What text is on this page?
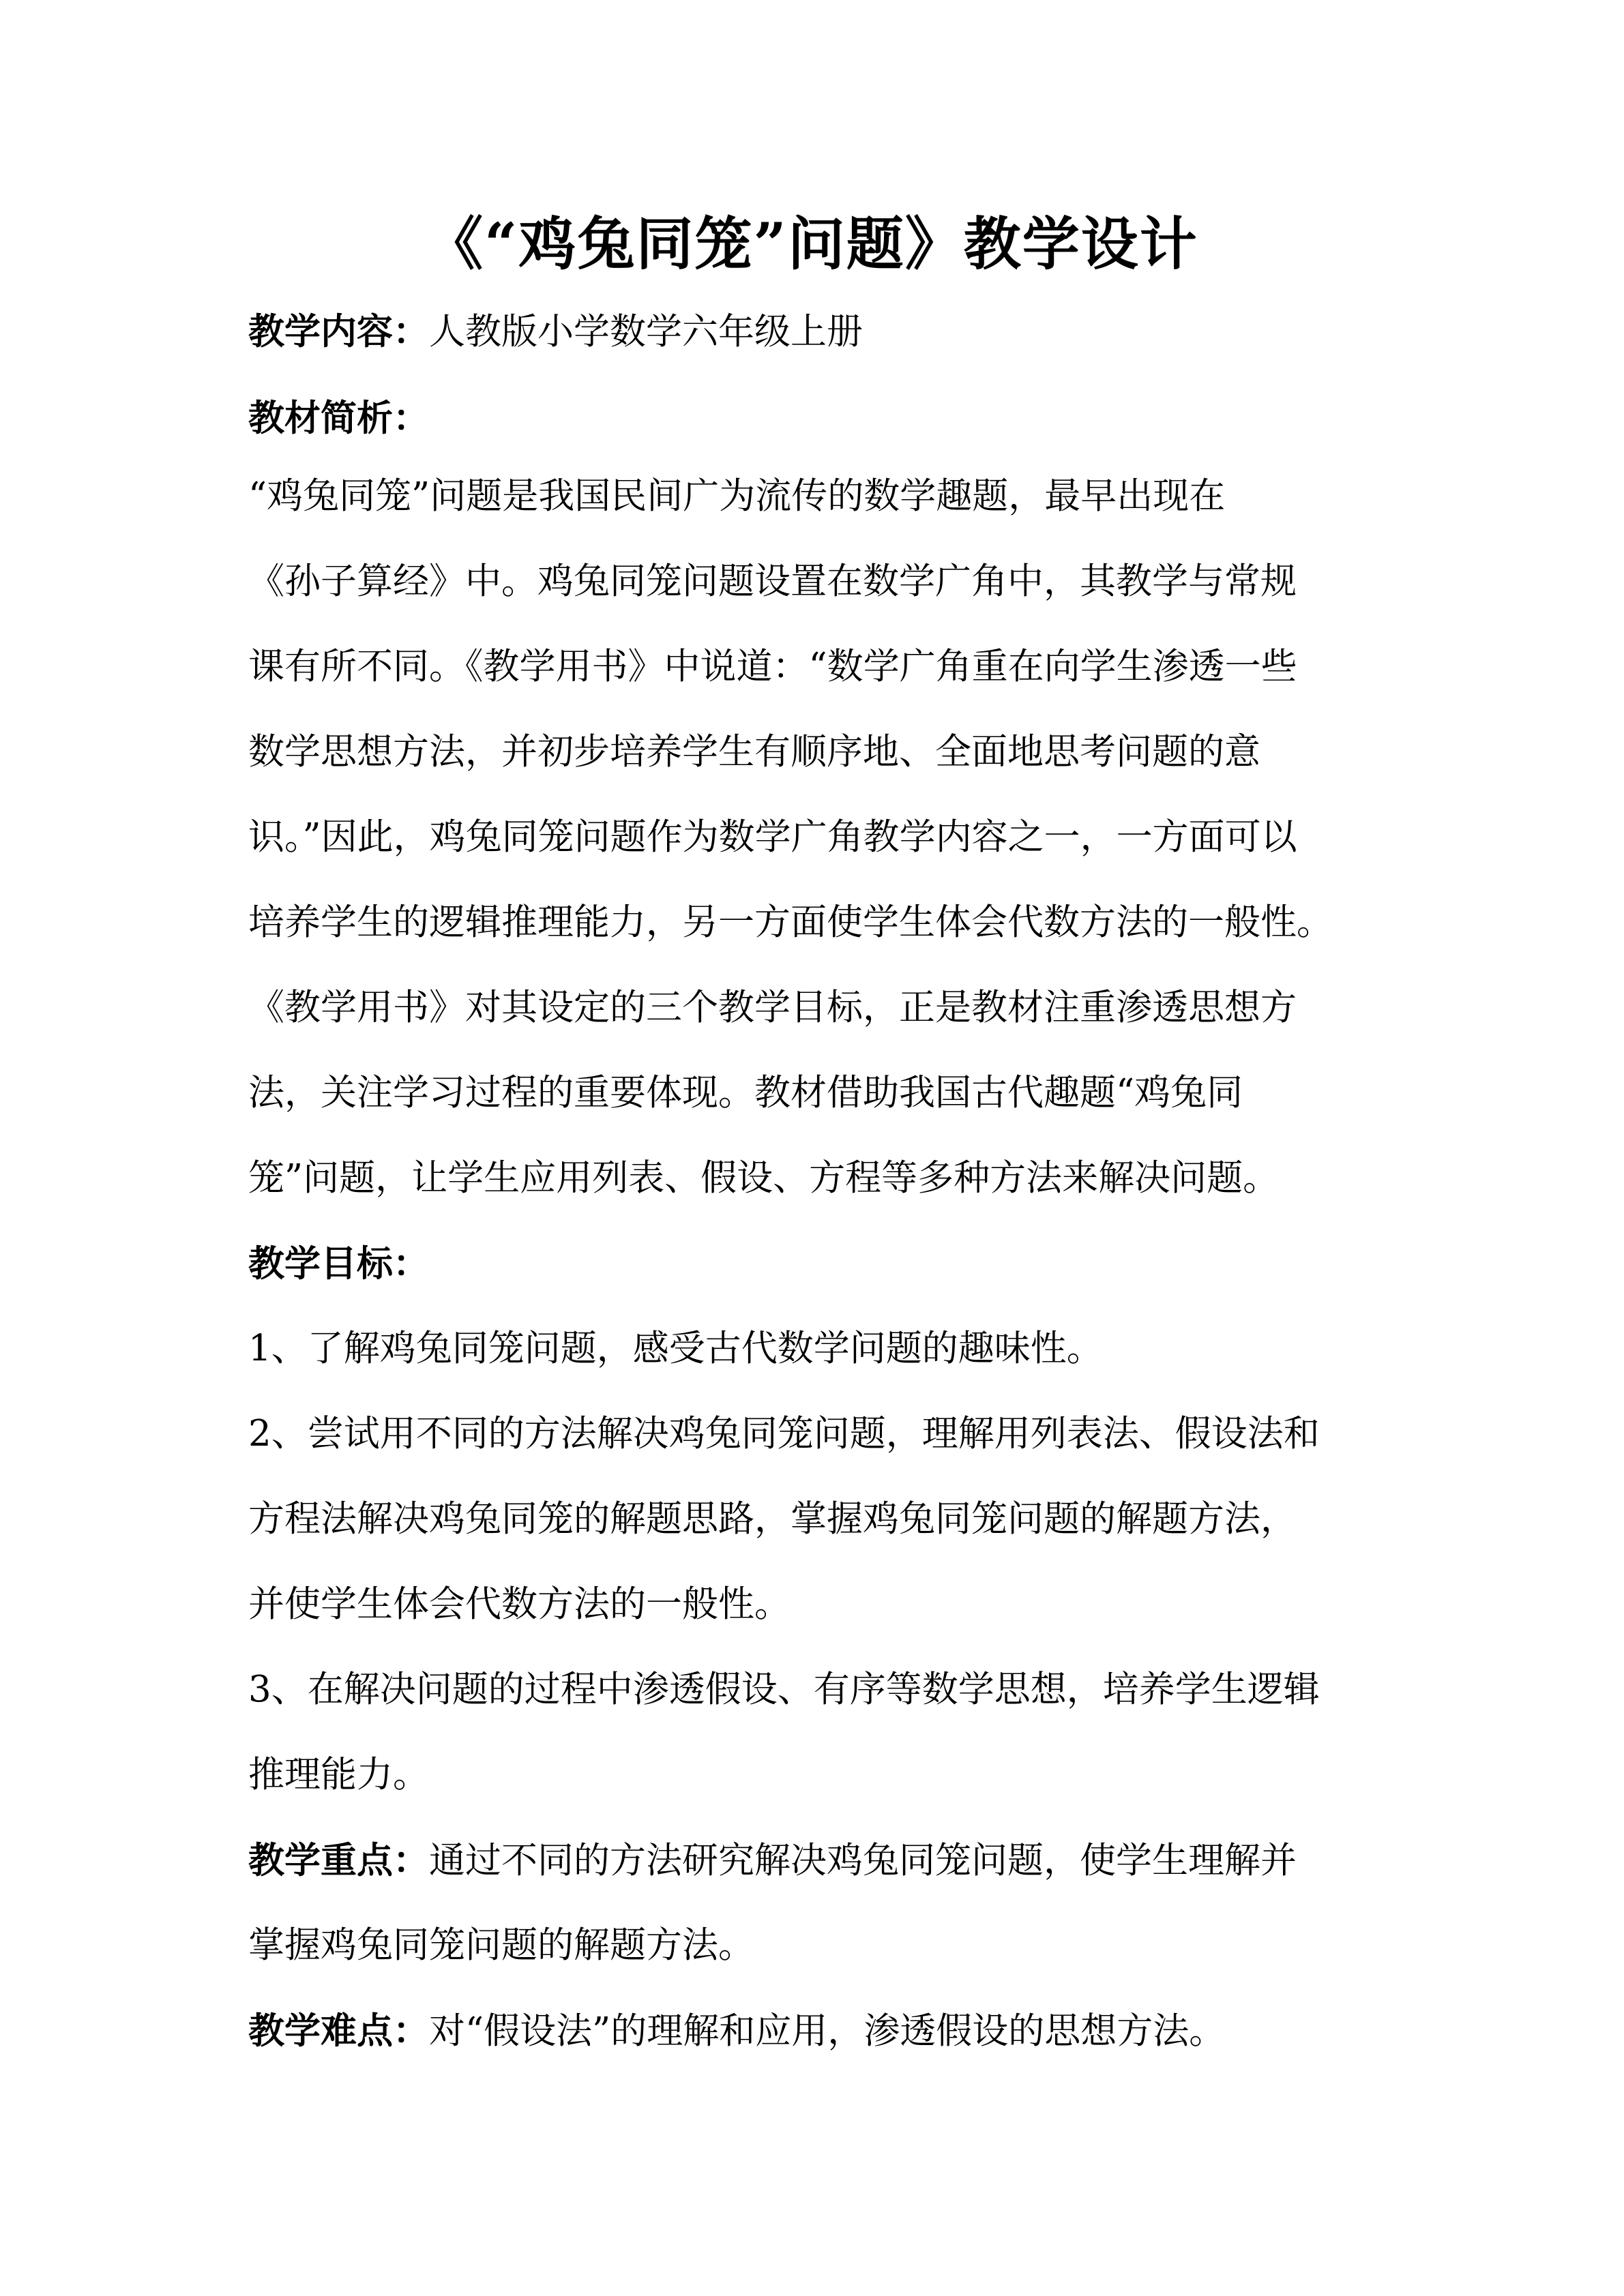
《“鸡兔同笼”问题》教学设计
教学内容：人教版小学数学六年级上册
教材简析：
“鸡兔同笼”问题是我国民间广为流传的数学趣题，最早出现在
《孙子算经》中。鸡兔同笼问题设置在数学广角中，其教学与常规
课有所不同。《教学用书》中说道：“数学广角重在向学生渗透一些
数学思想方法，并初步培养学生有顺序地、全面地思考问题的意
识。”因此，鸡兔同笼问题作为数学广角教学内容之一，一方面可以
培养学生的逻辑推理能力，另一方面使学生体会代数方法的一般性。
《教学用书》对其设定的三个教学目标，正是教材注重渗透思想方
法，关注学习过程的重要体现。教材借助我国古代趣题“鸡兔同
笼”问题，让学生应用列表、假设、方程等多种方法来解决问题。
教学目标：
1、了解鸡兔同笼问题，感受古代数学问题的趣味性。
2、尝试用不同的方法解决鸡兔同笼问题，理解用列表法、假设法和
方程法解决鸡兔同笼的解题思路，掌握鸡兔同笼问题的解题方法，
并使学生体会代数方法的一般性。
3、在解决问题的过程中渗透假设、有序等数学思想，培养学生逻辑
推理能力。
教学重点：通过不同的方法研究解决鸡兔同笼问题，使学生理解并
掌握鸡兔同笼问题的解题方法。
教学难点：对“假设法”的理解和应用，渗透假设的思想方法。
